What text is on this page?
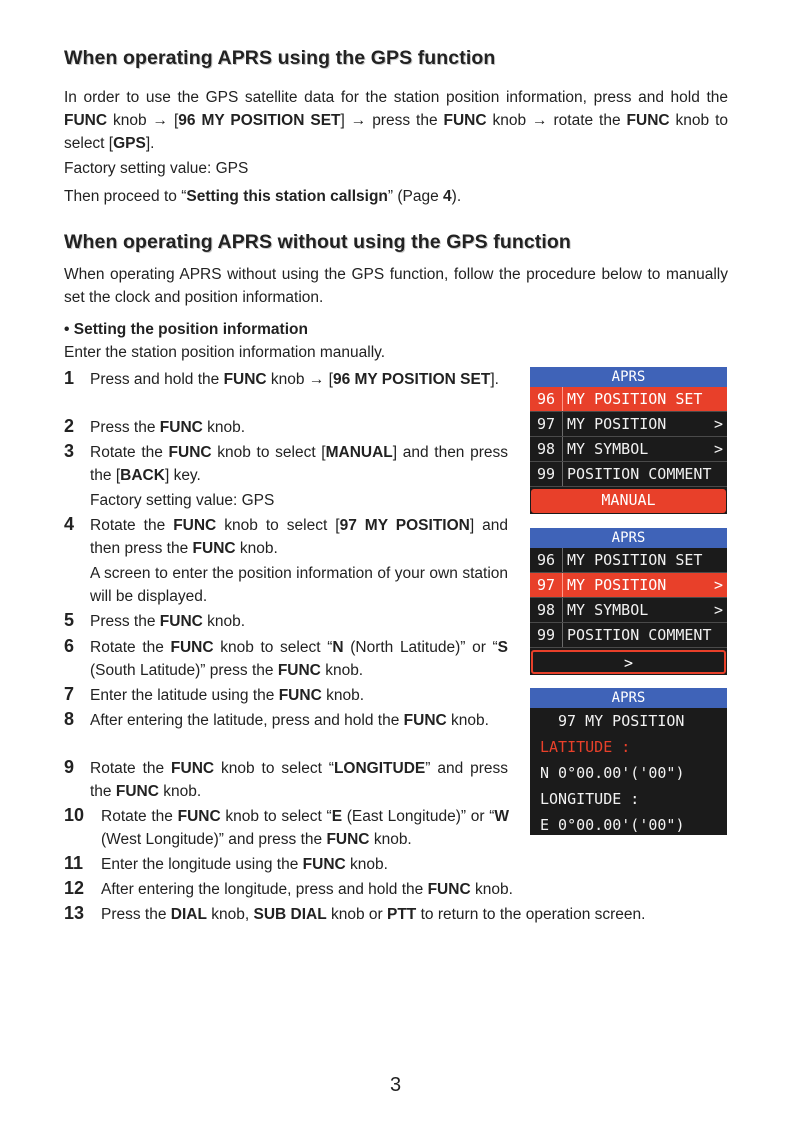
When operating APRS using the GPS function
In order to use the GPS satellite data for the station position information, press and hold the FUNC knob → [96 MY POSITION SET] → press the FUNC knob → rotate the FUNC knob to select [GPS].
Factory setting value: GPS
Then proceed to “Setting this station callsign” (Page 4).
When operating APRS without using the GPS function
When operating APRS without using the GPS function, follow the procedure below to manually set the clock and position information.
• Setting the position information
Enter the station position information manually.
1 Press and hold the FUNC knob → [96 MY POSITION SET].
2 Press the FUNC knob.
3 Rotate the FUNC knob to select [MANUAL] and then press the [BACK] key.
Factory setting value: GPS
4 Rotate the FUNC knob to select [97 MY POSITION] and then press the FUNC knob.
A screen to enter the position information of your own station will be displayed.
5 Press the FUNC knob.
6 Rotate the FUNC knob to select “N (North Latitude)” or “S (South Latitude)” press the FUNC knob.
7 Enter the latitude using the FUNC knob.
8 After entering the latitude, press and hold the FUNC knob.
9 Rotate the FUNC knob to select “LONGITUDE” and press the FUNC knob.
10 Rotate the FUNC knob to select “E (East Longitude)” or “W (West Longitude)” and press the FUNC knob.
11 Enter the longitude using the FUNC knob.
12 After entering the longitude, press and hold the FUNC knob.
13 Press the DIAL knob, SUB DIAL knob or PTT to return to the operation screen.
APRS
96 MY POSITION SET
97 MY POSITION	>
98 MY SYMBOL	>
99 POSITION COMMENT
MANUAL
APRS
96 MY POSITION SET
97 MY POSITION	>
98 MY SYMBOL	>
99 POSITION COMMENT
>
APRS
97 MY POSITION
LATITUDE :
N 0°00.00'('00")
LONGITUDE :
E 0°00.00'('00")
3
